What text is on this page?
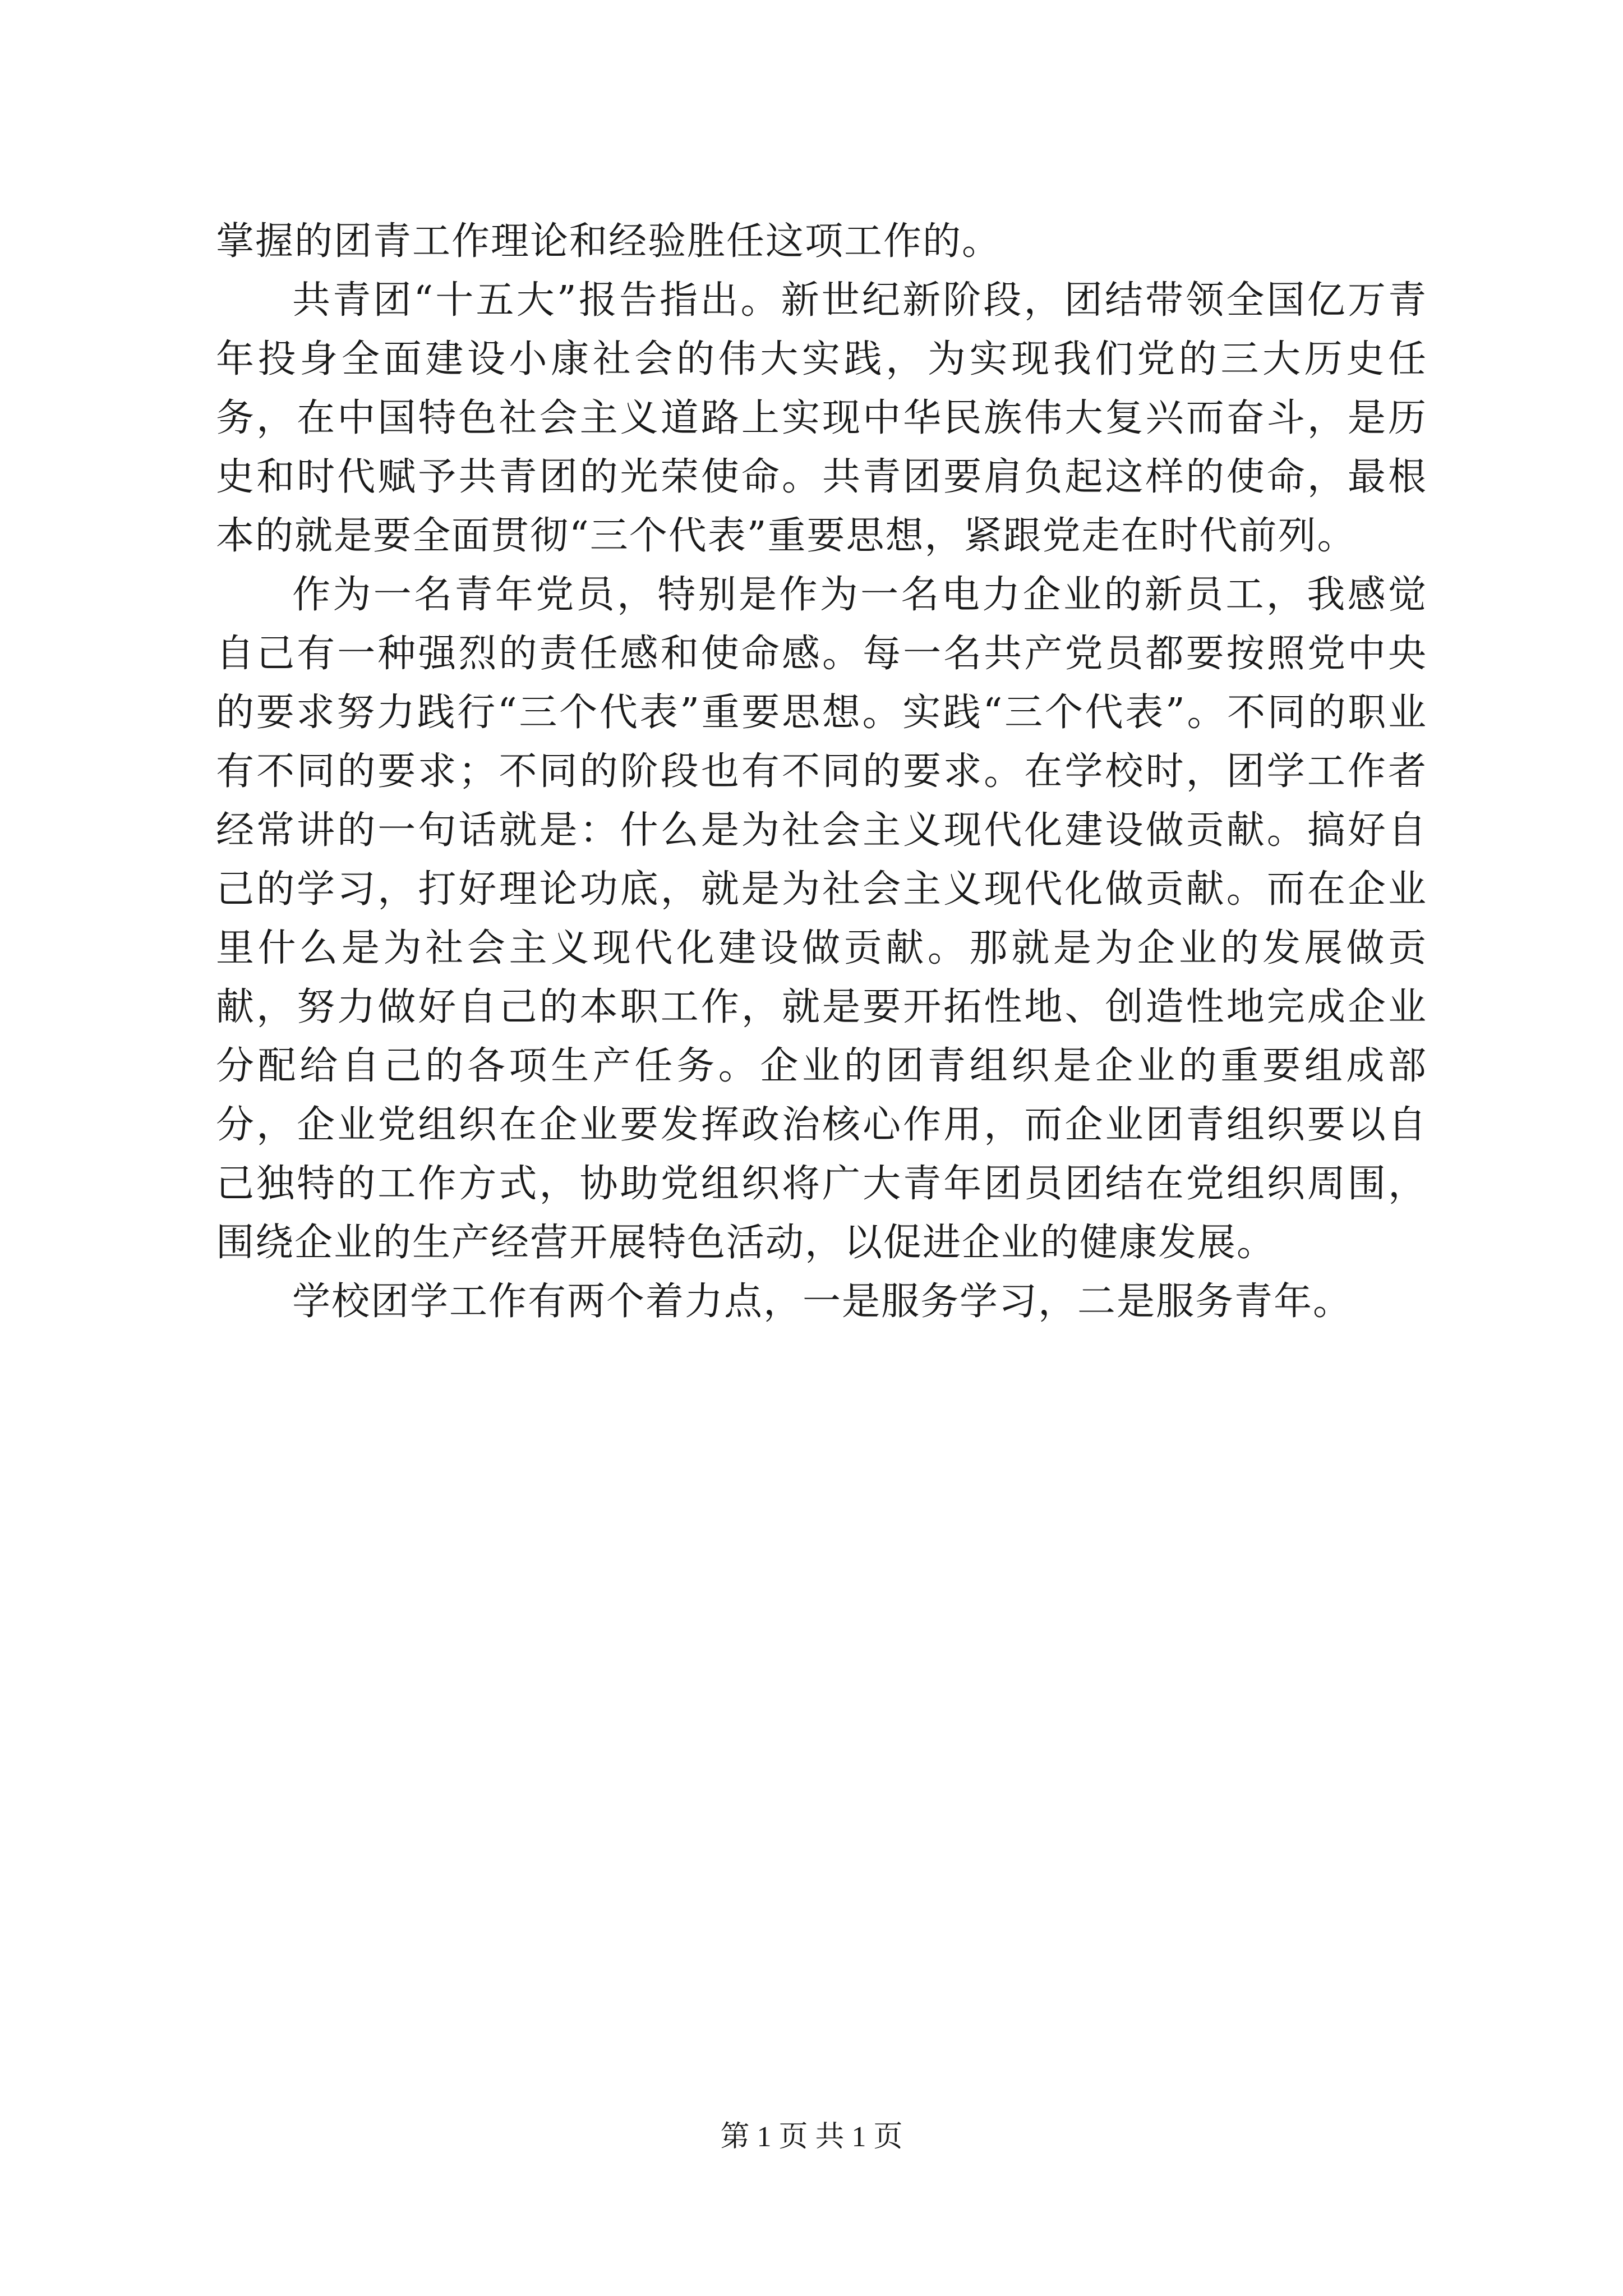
掌握的团青工作理论和经验胜任这项工作的。

共青团“十五大”报告指出。新世纪新阶段，团结带领全国亿万青年投身全面建设小康社会的伟大实践，为实现我们党的三大历史任务，在中国特色社会主义道路上实现中华民族伟大复兴而奋斗，是历史和时代赋予共青团的光荣使命。共青团要肩负起这样的使命，最根本的就是要全面贯彻“三个代表”重要思想，紧跟党走在时代前列。

作为一名青年党员，特别是作为一名电力企业的新员工，我感觉自己有一种强烈的责任感和使命感。每一名共产党员都要按照党中央的要求努力践行“三个代表”重要思想。实践“三个代表”。不同的职业有不同的要求；不同的阶段也有不同的要求。在学校时，团学工作者经常讲的一句话就是：什么是为社会主义现代化建设做贡献。搞好自己的学习，打好理论功底，就是为社会主义现代化做贡献。而在企业里什么是为社会主义现代化建设做贡献。那就是为企业的发展做贡献，努力做好自己的本职工作，就是要开拓性地、创造性地完成企业分配给自己的各项生产任务。企业的团青组织是企业的重要组成部分，企业党组织在企业要发挥政治核心作用，而企业团青组织要以自己独特的工作方式，协助党组织将广大青年团员团结在党组织周围，围绕企业的生产经营开展特色活动，以促进企业的健康发展。

学校团学工作有两个着力点，一是服务学习，二是服务青年。

第 1 页 共 1 页
